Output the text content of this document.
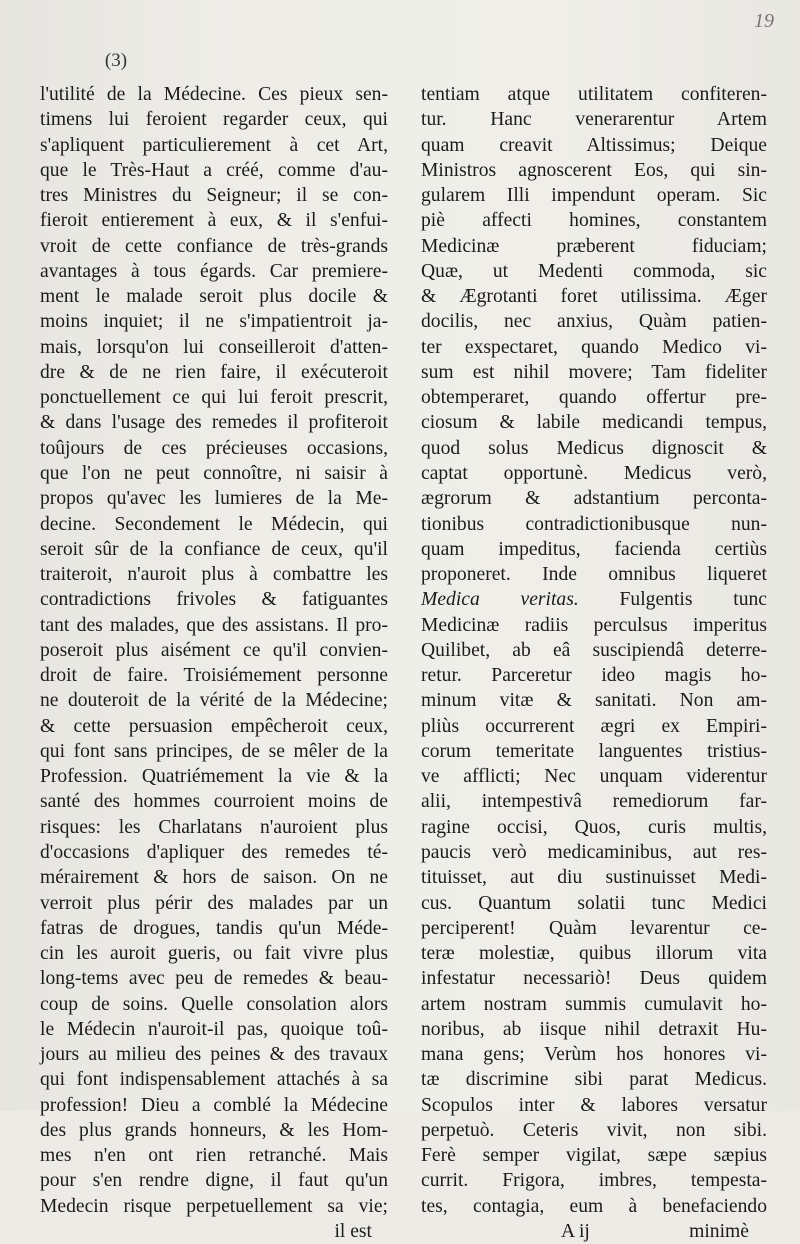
19
(3)
l'utilité de la Médecine. Ces pieux sen-
timens lui feroient regarder ceux, qui
s'apliquent particulierement à cet Art,
que le Très-Haut a créé, comme d'au-
tres Ministres du Seigneur; il se con-
fieroit entierement à eux, & il s'enfui-
vroit de cette confiance de très-grands
avantages à tous égards. Car premiere-
ment le malade seroit plus docile &
moins inquiet; il ne s'impatientroit ja-
mais, lorsqu'on lui conseilleroit d'atten-
dre & de ne rien faire, il exécuteroit
ponctuellement ce qui lui feroit prescrit,
& dans l'usage des remedes il profiteroit
toûjours de ces précieuses occasions,
que l'on ne peut connoître, ni saisir à
propos qu'avec les lumieres de la Me-
decine. Secondement le Médecin, qui
seroit sûr de la confiance de ceux, qu'il
traiteroit, n'auroit plus à combattre les
contradictions frivoles & fatiguantes
tant des malades, que des assistans. Il pro-
poseroit plus aisément ce qu'il convien-
droit de faire. Troisiémement personne
ne douteroit de la vérité de la Médecine;
& cette persuasion empêcheroit ceux,
qui font sans principes, de se mêler de la
Profession. Quatriémement la vie & la
santé des hommes courroient moins de
risques: les Charlatans n'auroient plus
d'occasions d'apliquer des remedes té-
mérairement & hors de saison. On ne
verroit plus périr des malades par un
fatras de drogues, tandis qu'un Méde-
cin les auroit gueris, ou fait vivre plus
long-tems avec peu de remedes & beau-
coup de soins. Quelle consolation alors
le Médecin n'auroit-il pas, quoique toû-
jours au milieu des peines & des travaux
qui font indispensablement attachés à sa
profession! Dieu a comblé la Médecine
des plus grands honneurs, & les Hom-
mes n'en ont rien retranché. Mais
pour s'en rendre digne, il faut qu'un
Medecin risque perpetuellement sa vie;
il est
tentiam atque utilitatem confiteren-
tur. Hanc venerarentur Artem
quam creavit Altissimus; Deique
Ministros agnoscerent Eos, qui sin-
gularem Illi impendunt operam. Sic
piè affecti homines, constantem
Medicinæ præberent fiduciam;
Quæ, ut Medenti commoda, sic
& Ægrotanti foret utilissima. Æger
docilis, nec anxius, Quàm patien-
ter exspectaret, quando Medico vi-
sum est nihil movere; Tam fideliter
obtemperaret, quando offertur pre-
ciosum & labile medicandi tempus,
quod solus Medicus dignoscit &
captat opportunè. Medicus verò,
ægrorum & adstantium perconta-
tionibus contradictionibusque nun-
quam impeditus, facienda certiùs
proponeret. Inde omnibus liqueret
Medica veritas. Fulgentis tunc
Medicinæ radiis perculsus imperitus
Quilibet, ab eâ suscipiendâ deterre-
retur. Parceretur ideo magis ho-
minum vitæ & sanitati. Non am-
pliùs occurrerent ægri ex Empiri-
corum temeritate languentes tristius-
ve afflicti; Nec unquam viderentur
alii, intempestivâ remediorum far-
ragine occisi, Quos, curis multis,
paucis verò medicaminibus, aut res-
tituisset, aut diu sustinuisset Medi-
cus. Quantum solatii tunc Medici
perciperent! Quàm levarentur ce-
teræ molestiæ, quibus illorum vita
infestatur necessariò! Deus quidem
artem nostram summis cumulavit ho-
noribus, ab iisque nihil detraxit Hu-
mana gens; Verùm hos honores vi-
tæ discrimine sibi parat Medicus.
Scopulos inter & labores versatur
perpetuò. Ceteris vivit, non sibi.
Ferè semper vigilat, sæpe sæpius
currit. Frigora, imbres, tempesta-
tes, contagia, eum à benefaciendo
A ij	minimè
